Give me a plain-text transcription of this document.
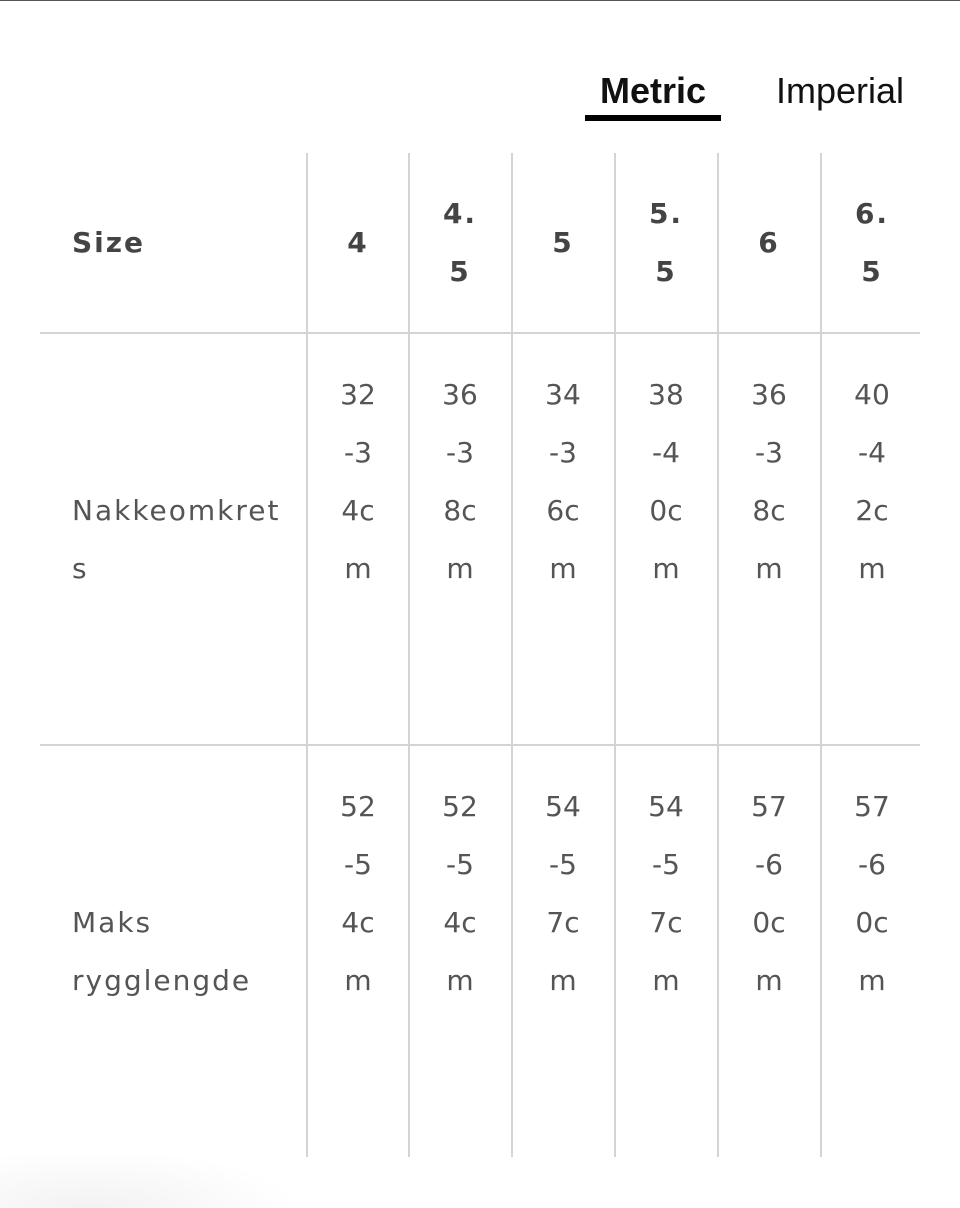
Metric	Imperial
Size	4
4.5
5
5.5
6
6.5
Nakkeomkrets
32-34cm
36-38cm
34-36cm
38-40cm
36-38cm
40-42cm
Maks rygglengde
52-54cm
52-54cm
54-57cm
54-57cm
57-60cm
57-60cm
